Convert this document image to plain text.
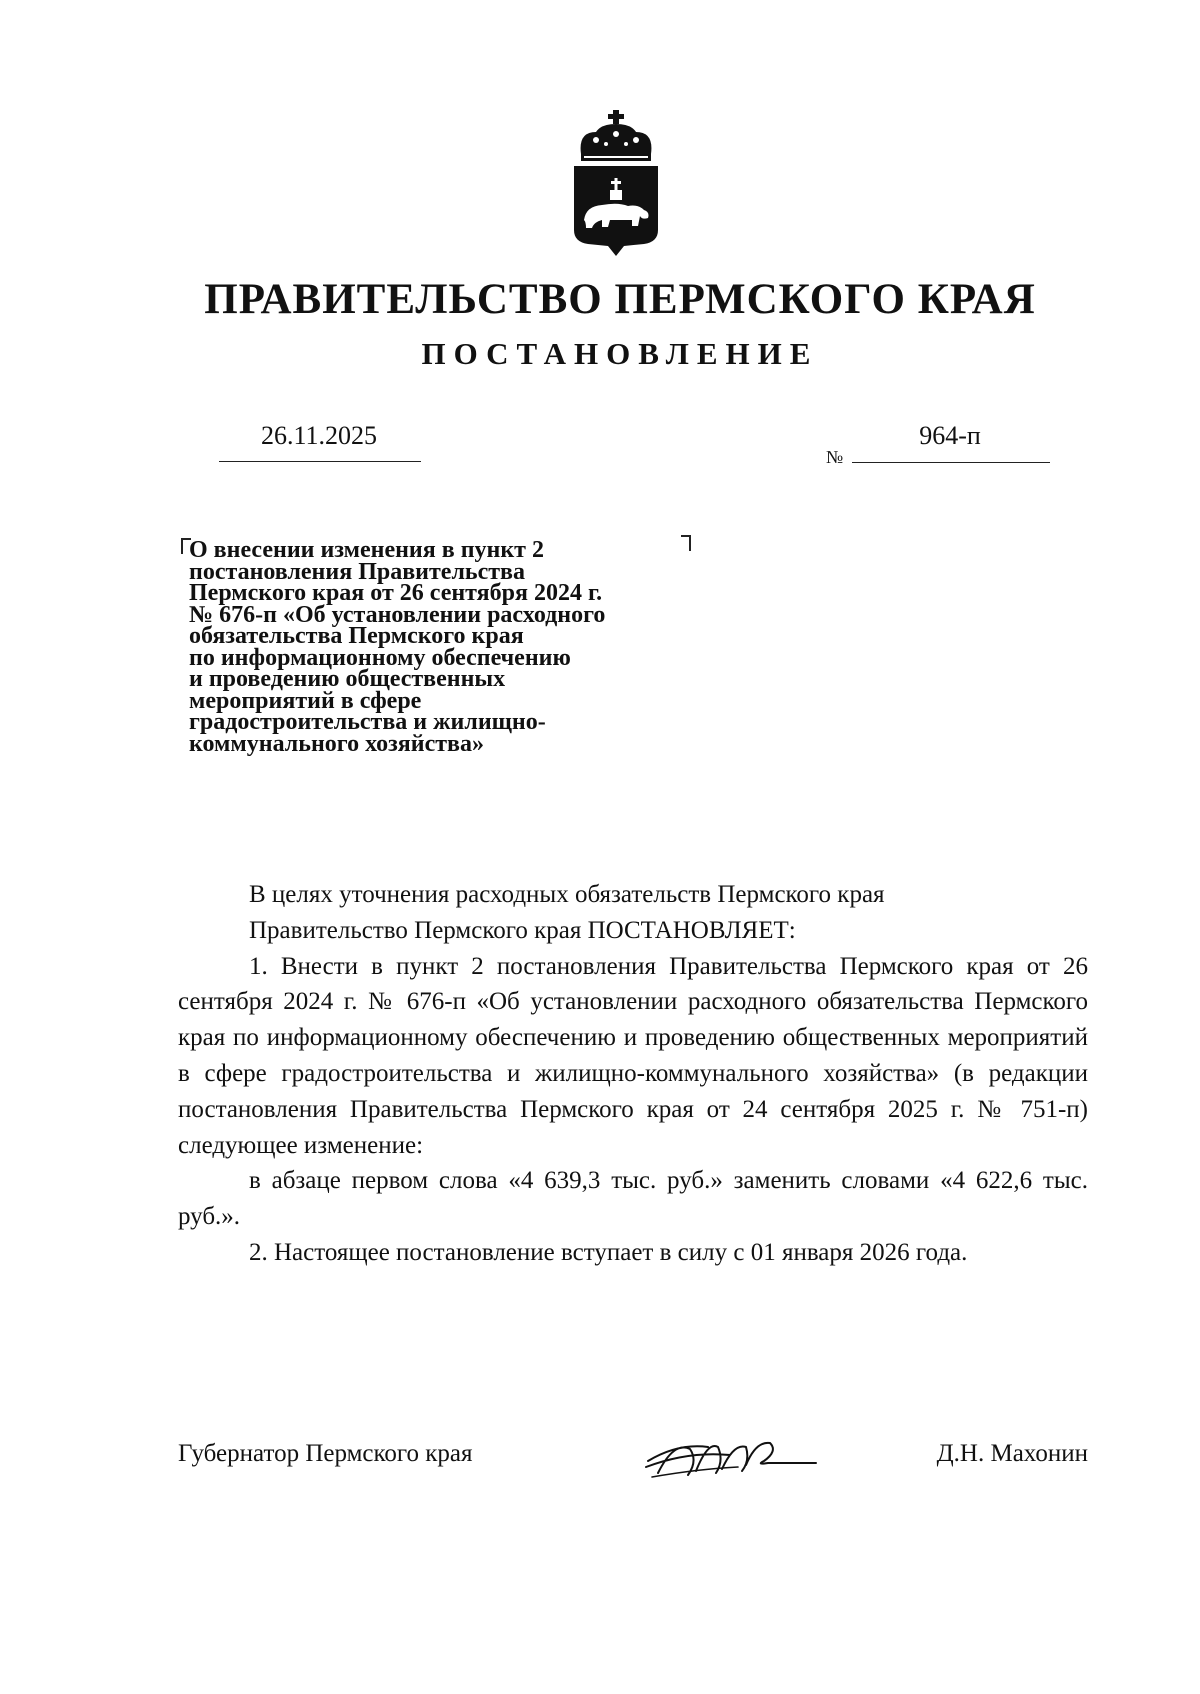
ПРАВИТЕЛЬСТВО ПЕРМСКОГО КРАЯ
ПОСТАНОВЛЕНИЕ
26.11.2025
№
964-п
О внесении изменения в пункт 2
постановления Правительства
Пермского края от 26 сентября 2024 г.
№ 676-п «Об установлении расходного
обязательства Пермского края
по информационному обеспечению
и проведению общественных
мероприятий в сфере
градостроительства и жилищно-
коммунального хозяйства»

В целях уточнения расходных обязательств Пермского края

Правительство Пермского края ПОСТАНОВЛЯЕТ:

1. Внести в пункт 2 постановления Правительства Пермского края от 26 сентября 2024 г. № 676-п «Об установлении расходного обязательства Пермского края по информационному обеспечению и проведению общественных мероприятий в сфере градостроительства и жилищно-коммунального хозяйства» (в редакции постановления Правительства Пермского края от 24 сентября 2025 г. № 751-п) следующее изменение:

в абзаце первом слова «4 639,3 тыс. руб.» заменить словами «4 622,6 тыс. руб.».

2. Настоящее постановление вступает в силу с 01 января 2026 года.

Губернатор Пермского края	Д.Н. Махонин
